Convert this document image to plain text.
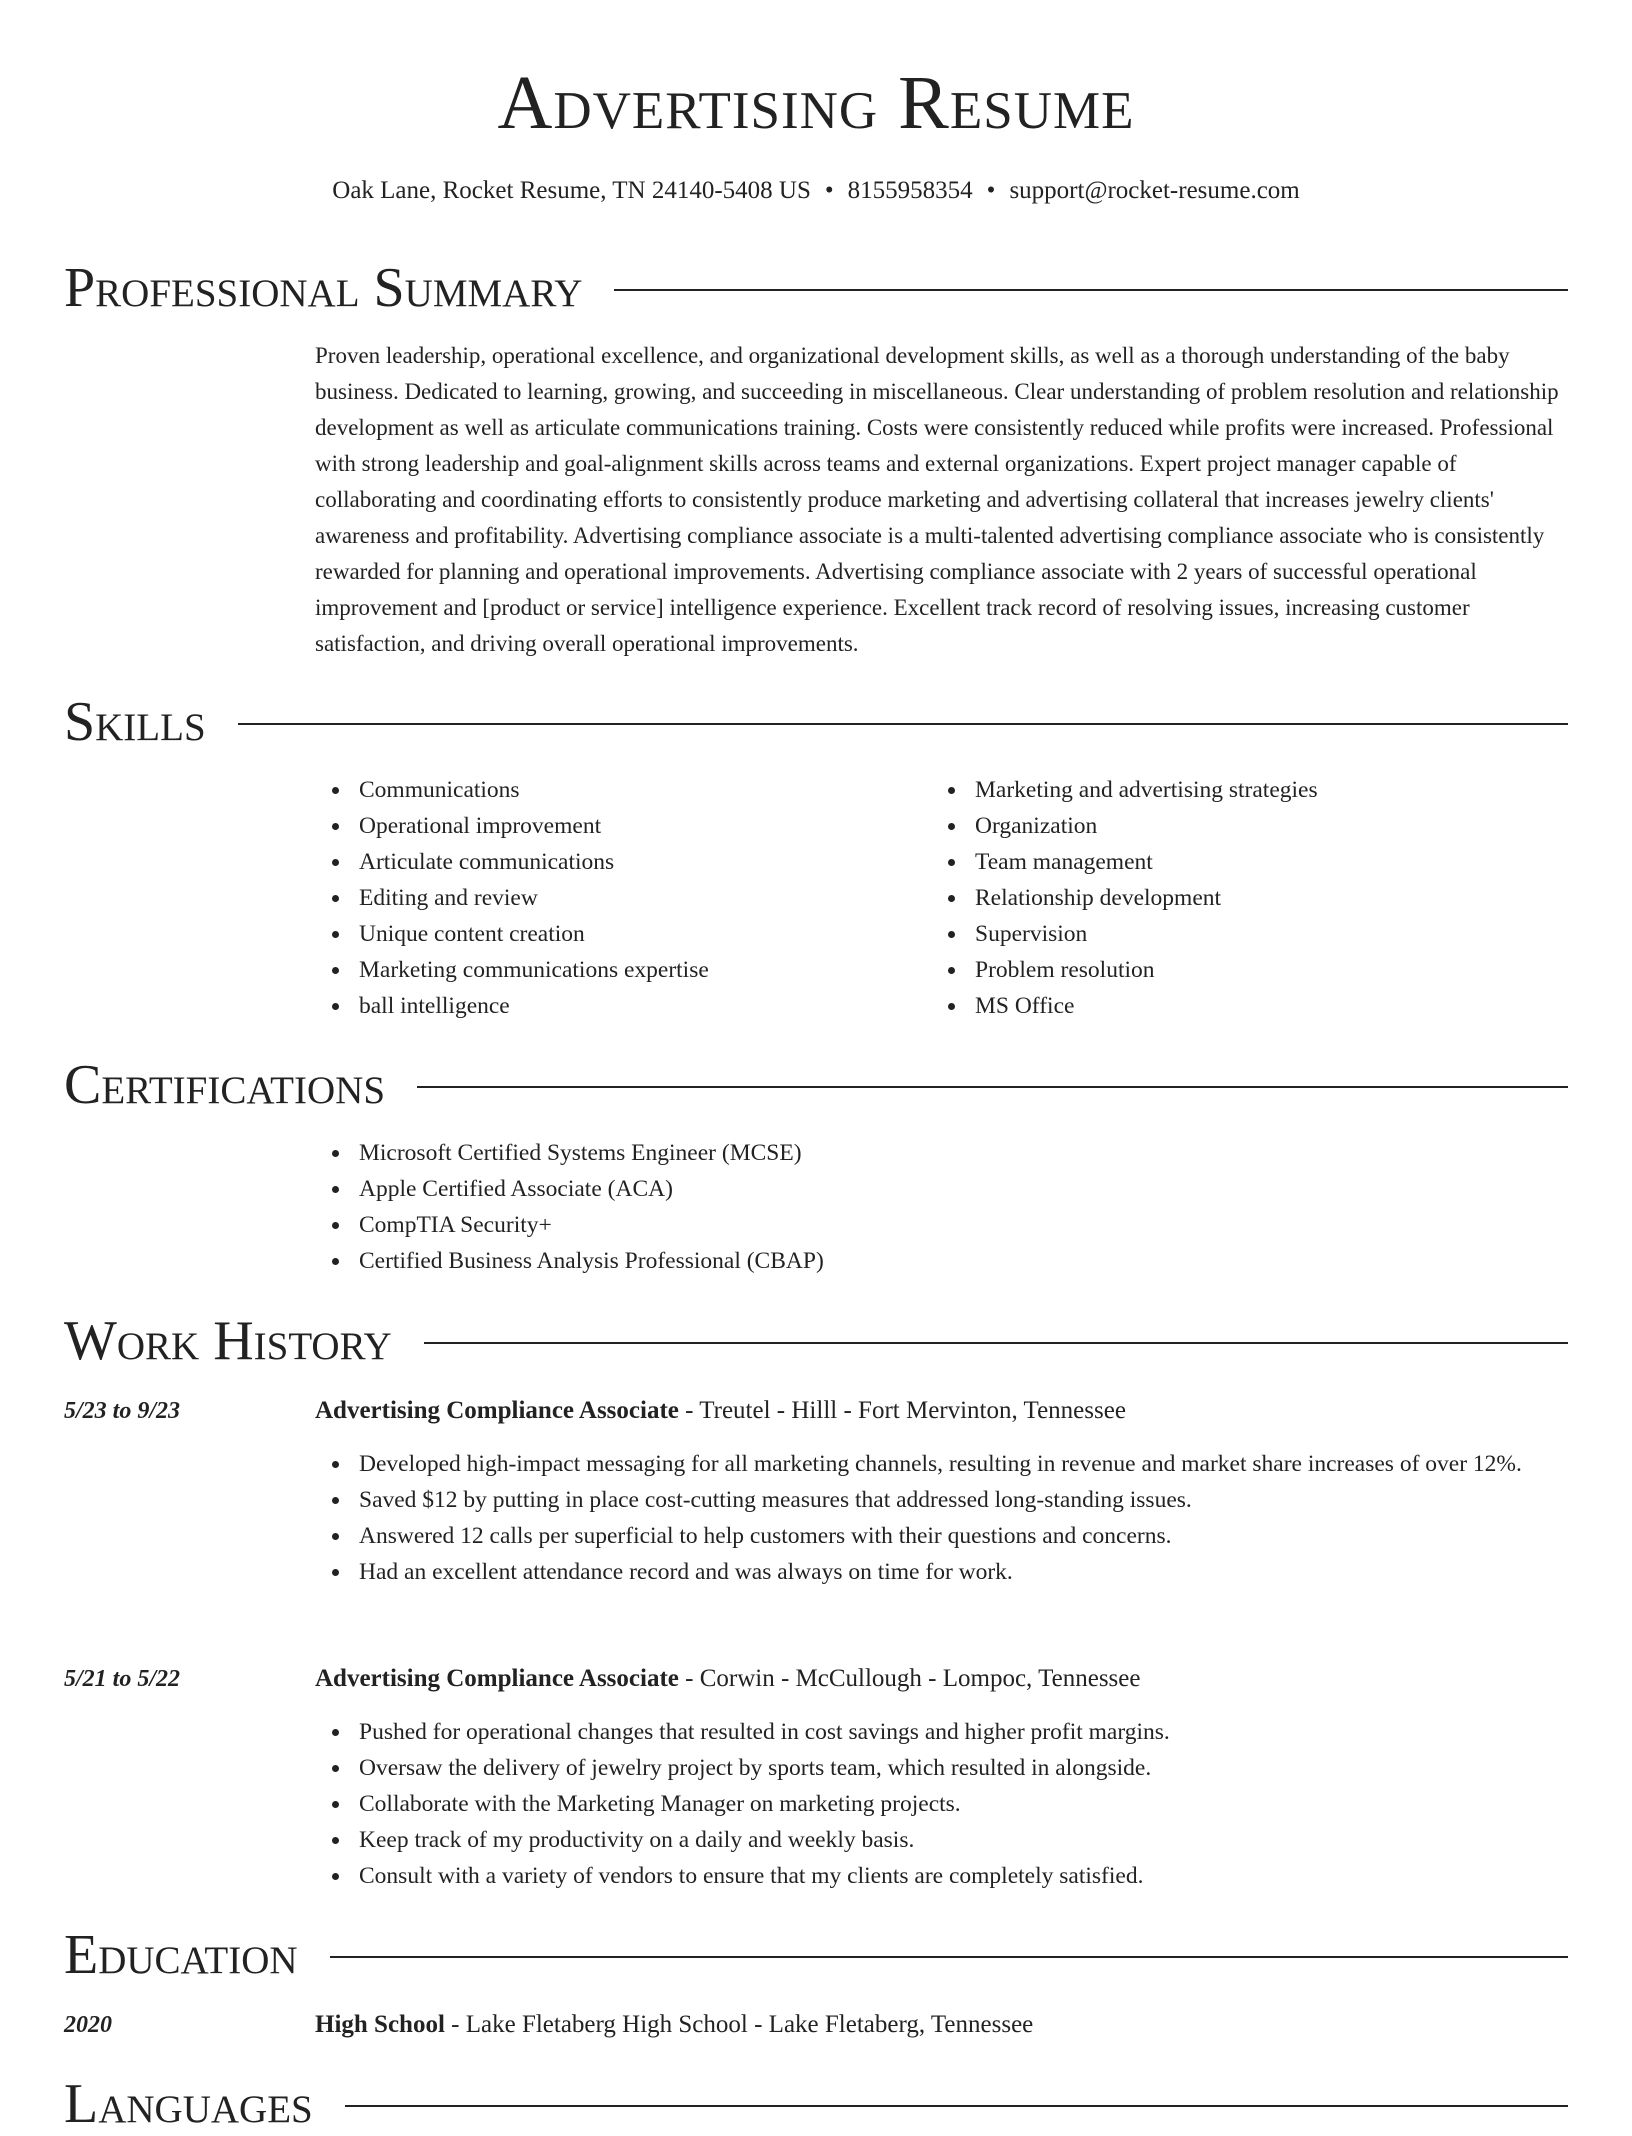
Advertising Resume
Oak Lane, Rocket Resume, TN 24140-5408 US • 8155958354 • support@rocket-resume.com
Professional Summary

Proven leadership, operational excellence, and organizational development skills, as well as a thorough understanding of the baby business. Dedicated to learning, growing, and succeeding in miscellaneous. Clear understanding of problem resolution and relationship development as well as articulate communications training. Costs were consistently reduced while profits were increased. Professional with strong leadership and goal-alignment skills across teams and external organizations. Expert project manager capable of collaborating and coordinating efforts to consistently produce marketing and advertising collateral that increases jewelry clients' awareness and profitability. Advertising compliance associate is a multi-talented advertising compliance associate who is consistently rewarded for planning and operational improvements. Advertising compliance associate with 2 years of successful operational improvement and [product or service] intelligence experience. Excellent track record of resolving issues, increasing customer satisfaction, and driving overall operational improvements.

Skills
Communications
Operational improvement
Articulate communications
Editing and review
Unique content creation
Marketing communications expertise
ball intelligence
Marketing and advertising strategies
Organization
Team management
Relationship development
Supervision
Problem resolution
MS Office
Certifications
Microsoft Certified Systems Engineer (MCSE)
Apple Certified Associate (ACA)
CompTIA Security+
Certified Business Analysis Professional (CBAP)
Work History
5/23 to 9/23	Advertising Compliance Associate - Treutel - Hilll - Fort Mervinton, Tennessee
Developed high-impact messaging for all marketing channels, resulting in revenue and market share increases of over 12%.
Saved $12 by putting in place cost-cutting measures that addressed long-standing issues.
Answered 12 calls per superficial to help customers with their questions and concerns.
Had an excellent attendance record and was always on time for work.
5/21 to 5/22	Advertising Compliance Associate - Corwin - McCullough - Lompoc, Tennessee
Pushed for operational changes that resulted in cost savings and higher profit margins.
Oversaw the delivery of jewelry project by sports team, which resulted in alongside.
Collaborate with the Marketing Manager on marketing projects.
Keep track of my productivity on a daily and weekly basis.
Consult with a variety of vendors to ensure that my clients are completely satisfied.
Education
2020	High School - Lake Fletaberg High School - Lake Fletaberg, Tennessee
Languages
